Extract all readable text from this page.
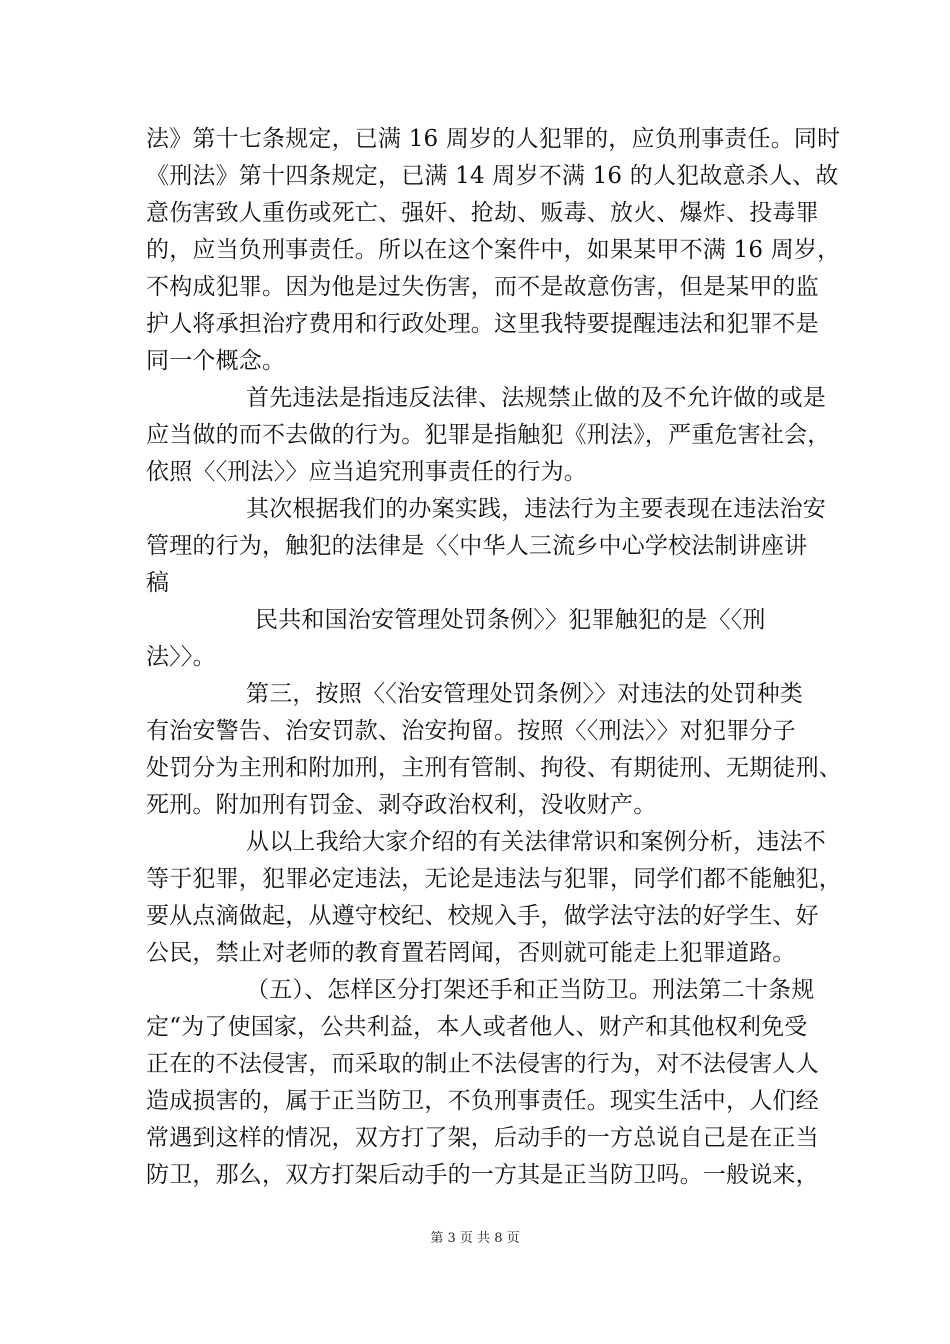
法》第十七条规定，已满 16 周岁的人犯罪的，应负刑事责任。同时
《刑法》第十四条规定，已满 14 周岁不满 16 的人犯故意杀人、故
意伤害致人重伤或死亡、强奸、抢劫、贩毒、放火、爆炸、投毒罪
的，应当负刑事责任。所以在这个案件中，如果某甲不满 16 周岁，
不构成犯罪。因为他是过失伤害，而不是故意伤害，但是某甲的监
护人将承担治疗费用和行政处理。这里我特要提醒违法和犯罪不是
同一个概念。
首先违法是指违反法律、法规禁止做的及不允许做的或是
应当做的而不去做的行为。犯罪是指触犯《刑法》，严重危害社会，
依照〈〈刑法〉〉应当追究刑事责任的行为。
其次根据我们的办案实践，违法行为主要表现在违法治安
管理的行为，触犯的法律是〈〈中华人三流乡中心学校法制讲座讲
稿
民共和国治安管理处罚条例〉〉犯罪触犯的是〈〈刑
法〉〉。
第三，按照〈〈治安管理处罚条例〉〉对违法的处罚种类
有治安警告、治安罚款、治安拘留。按照〈〈刑法〉〉对犯罪分子
处罚分为主刑和附加刑，主刑有管制、拘役、有期徒刑、无期徒刑、
死刑。附加刑有罚金、剥夺政治权利，没收财产。
从以上我给大家介绍的有关法律常识和案例分析，违法不
等于犯罪，犯罪必定违法，无论是违法与犯罪，同学们都不能触犯，
要从点滴做起，从遵守校纪、校规入手，做学法守法的好学生、好
公民，禁止对老师的教育置若罔闻，否则就可能走上犯罪道路。
（五）、怎样区分打架还手和正当防卫。刑法第二十条规
定“为了使国家，公共利益，本人或者他人、财产和其他权利免受
正在的不法侵害，而采取的制止不法侵害的行为，对不法侵害人人
造成损害的，属于正当防卫，不负刑事责任。现实生活中，人们经
常遇到这样的情况，双方打了架，后动手的一方总说自己是在正当
防卫，那么，双方打架后动手的一方其是正当防卫吗。一般说来，
第 3 页 共 8 页
